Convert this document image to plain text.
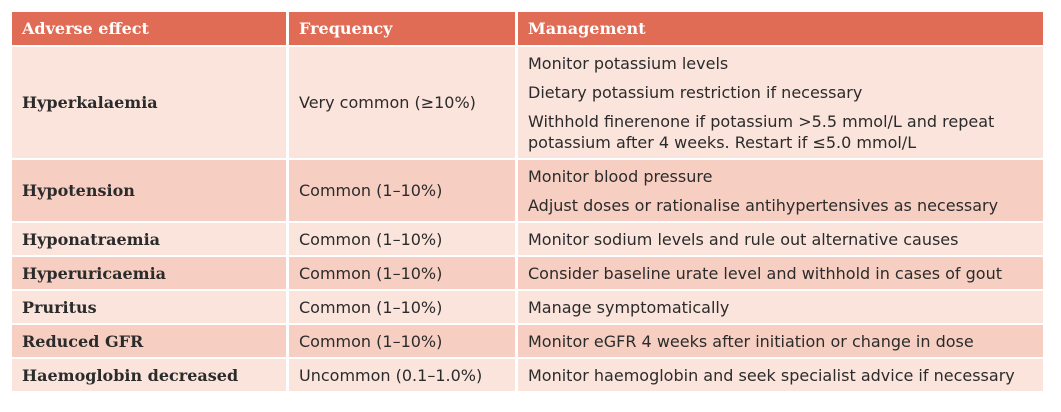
Adverse effect	Frequency	Management
Hyperkalaemia	Very common (≥10%)	Monitor potassium levels

Dietary potassium restriction if necessary

Withhold finerenone if potassium >5.5 mmol/L and repeat potassium after 4 weeks. Restart if ≤5.0 mmol/L

Hypotension	Common (1–10%)	Monitor blood pressure

Adjust doses or rationalise antihypertensives as necessary

Hyponatraemia	Common (1–10%)	Monitor sodium levels and rule out alternative causes

Hyperuricaemia	Common (1–10%)	Consider baseline urate level and withhold in cases of gout

Pruritus	Common (1–10%)	Manage symptomatically

Reduced GFR	Common (1–10%)	Monitor eGFR 4 weeks after initiation or change in dose

Haemoglobin decreased	Uncommon (0.1–1.0%)	Monitor haemoglobin and seek specialist advice if necessary
